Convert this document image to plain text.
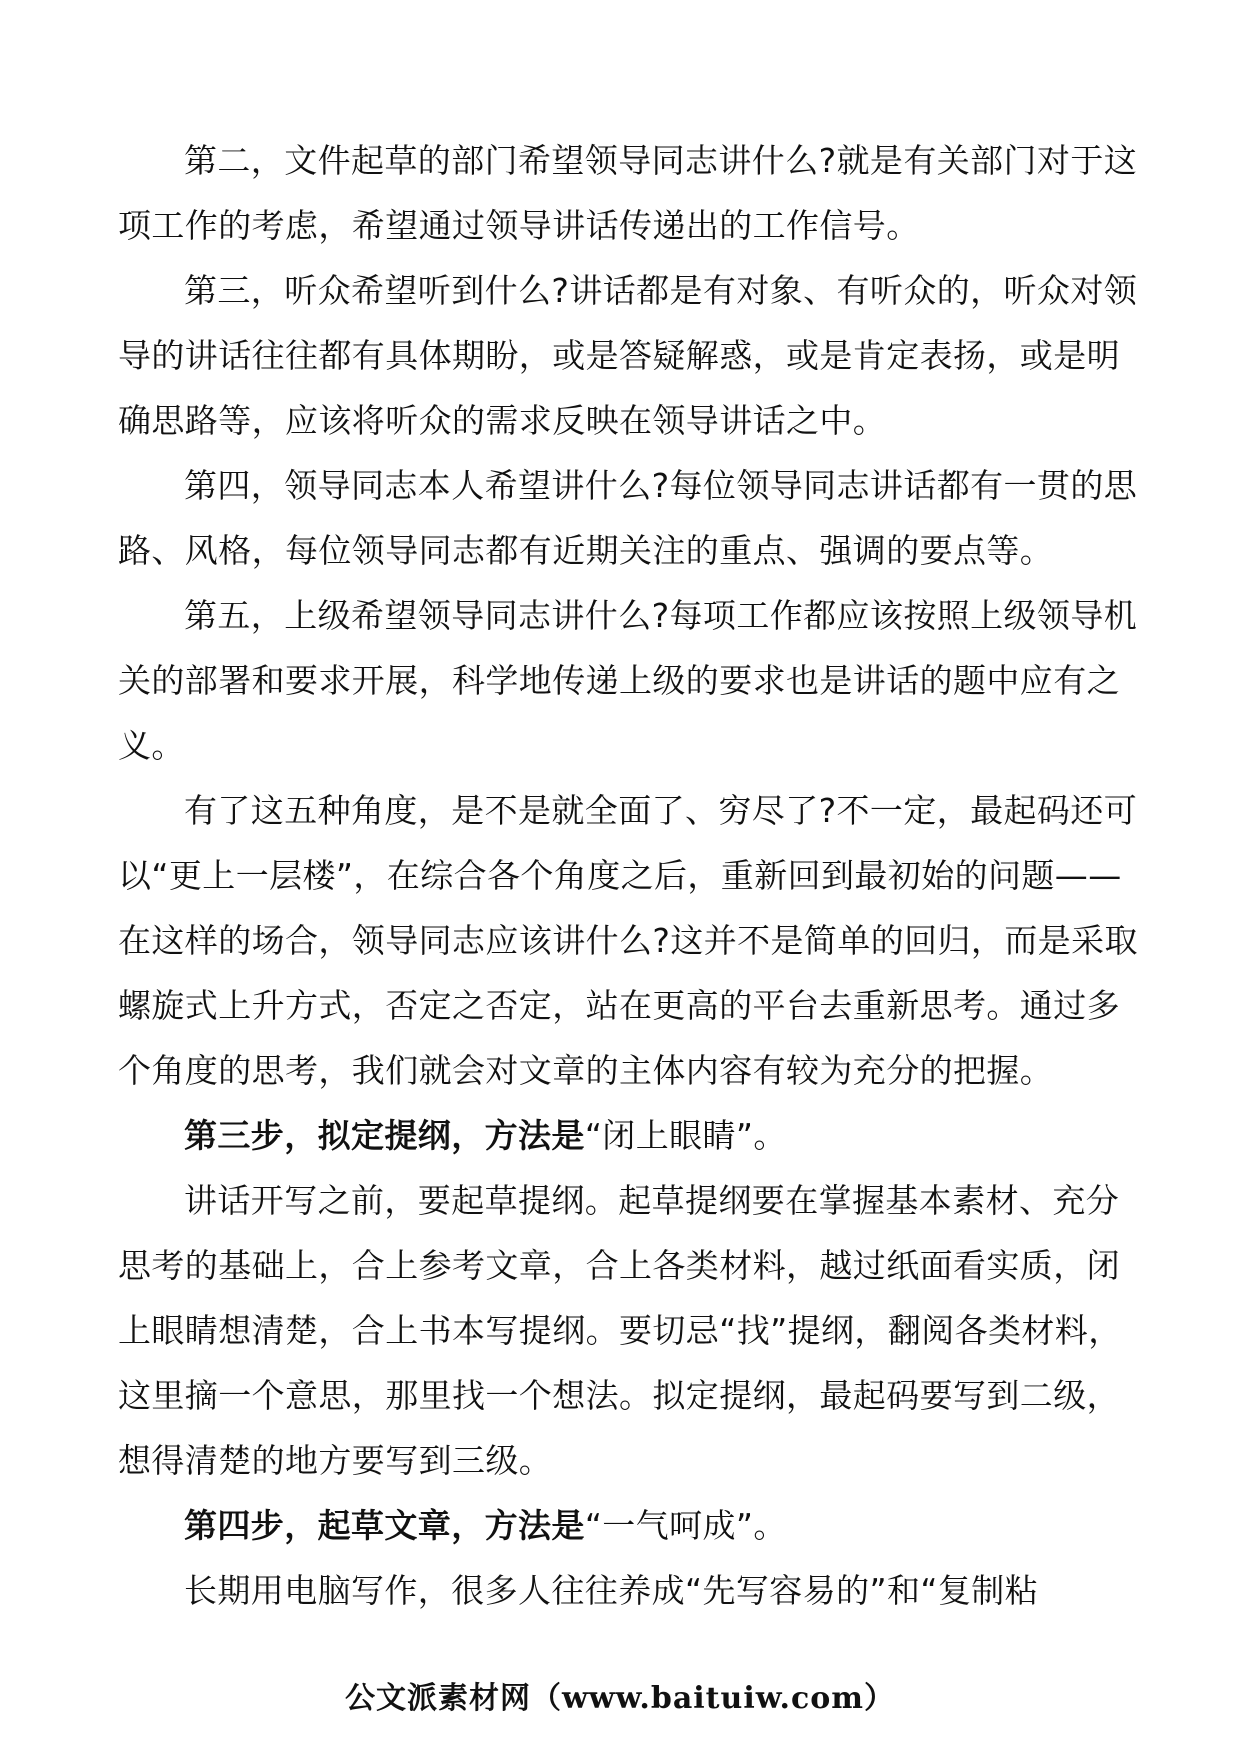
第二，文件起草的部门希望领导同志讲什么?就是有关部门对于这项工作的考虑，希望通过领导讲话传递出的工作信号。

第三，听众希望听到什么?讲话都是有对象、有听众的，听众对领导的讲话往往都有具体期盼，或是答疑解惑，或是肯定表扬，或是明确思路等，应该将听众的需求反映在领导讲话之中。

第四，领导同志本人希望讲什么?每位领导同志讲话都有一贯的思路、风格，每位领导同志都有近期关注的重点、强调的要点等。

第五，上级希望领导同志讲什么?每项工作都应该按照上级领导机关的部署和要求开展，科学地传递上级的要求也是讲话的题中应有之义。

有了这五种角度，是不是就全面了、穷尽了?不一定，最起码还可以“更上一层楼”，在综合各个角度之后，重新回到最初始的问题——在这样的场合，领导同志应该讲什么?这并不是简单的回归，而是采取螺旋式上升方式，否定之否定，站在更高的平台去重新思考。通过多个角度的思考，我们就会对文章的主体内容有较为充分的把握。

第三步，拟定提纲，方法是“闭上眼睛”。

讲话开写之前，要起草提纲。起草提纲要在掌握基本素材、充分思考的基础上，合上参考文章，合上各类材料，越过纸面看实质，闭上眼睛想清楚，合上书本写提纲。要切忌“找”提纲，翻阅各类材料，这里摘一个意思，那里找一个想法。拟定提纲，最起码要写到二级，想得清楚的地方要写到三级。

第四步，起草文章，方法是“一气呵成”。

长期用电脑写作，很多人往往养成“先写容易的”和“复制粘

公文派素材网（www.baituiw.com）
